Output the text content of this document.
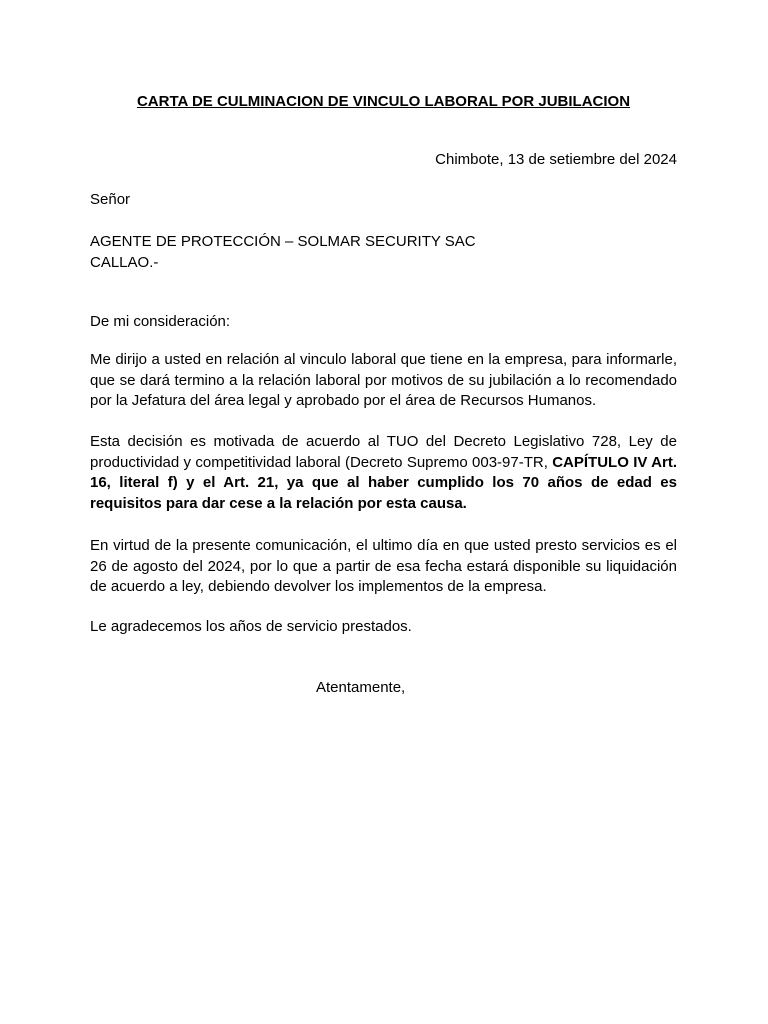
CARTA DE CULMINACION DE VINCULO LABORAL POR JUBILACION
Chimbote, 13 de setiembre del 2024
Señor
AGENTE DE PROTECCIÓN – SOLMAR SECURITY SAC
CALLAO.-
De mi consideración:
Me dirijo a usted en relación al vinculo laboral que tiene en la empresa, para informarle, que se dará termino a la relación laboral por motivos de su jubilación a lo recomendado por la Jefatura del área legal y aprobado por el área de Recursos Humanos.
Esta decisión es motivada de acuerdo al TUO del Decreto Legislativo 728, Ley de productividad y competitividad laboral (Decreto Supremo 003-97-TR, CAPÍTULO IV Art. 16, literal f) y el Art. 21, ya que al haber cumplido los 70 años de edad es requisitos para dar cese a la relación por esta causa.
En virtud de la presente comunicación, el ultimo día en que usted presto servicios es el 26 de agosto del 2024, por lo que a partir de esa fecha estará disponible su liquidación de acuerdo a ley, debiendo devolver los implementos de la empresa.
Le agradecemos los años de servicio prestados.
Atentamente,
